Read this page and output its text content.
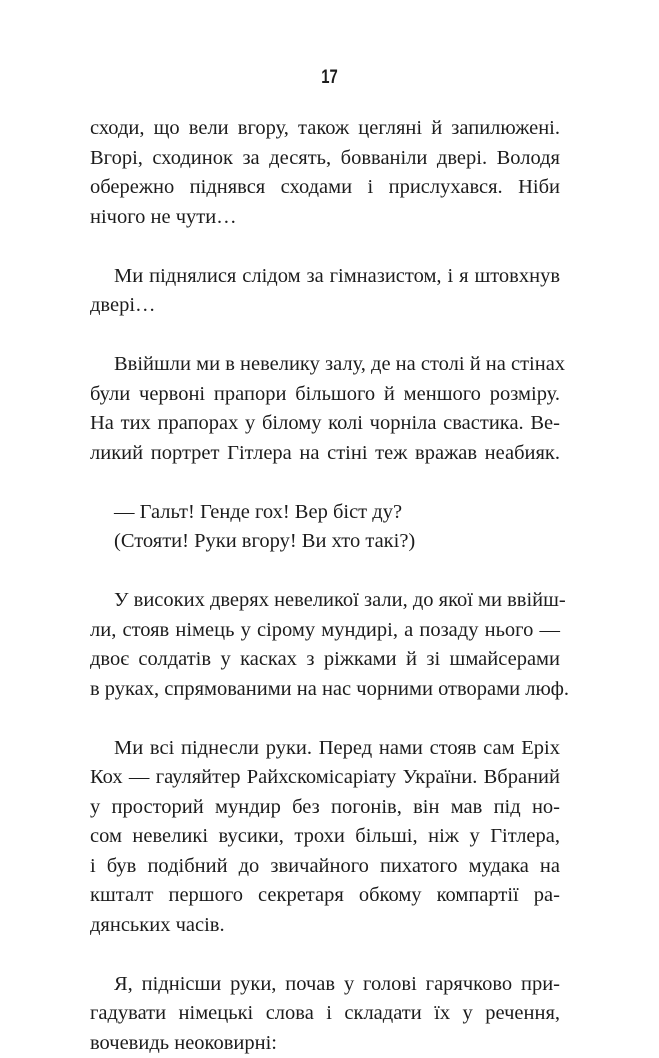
17
сходи, що вели вгору, також цегляні й запилюжені.
Вгорі, сходинок за десять, бовваніли двері. Володя
обережно піднявся сходами і прислухався. Ніби
нічого не чути…
Ми піднялися слідом за гімназистом, і я штовхнув
двері…
Ввійшли ми в невелику залу, де на столі й на стінах
були червоні прапори більшого й меншого розміру.
На тих прапорах у білому колі чорніла свастика. Ве-
ликий портрет Гітлера на стіні теж вражав неабияк.
— Гальт! Генде гох! Вер біст ду?
(Стояти! Руки вгору! Ви хто такі?)
У високих дверях невеликої зали, до якої ми ввійш-
ли, стояв німець у сірому мундирі, а позаду нього —
двоє солдатів у касках з ріжками й зі шмайсерами
в руках, спрямованими на нас чорними отворами люф.
Ми всі піднесли руки. Перед нами стояв сам Еріх
Кох — гауляйтер Райхскомісаріату України. Вбраний
у просторий мундир без погонів, він мав під но-
сом невеликі вусики, трохи більші, ніж у Гітлера,
і був подібний до звичайного пихатого мудака на
кшталт першого секретаря обкому компартії ра-
дянських часів.
Я, піднісши руки, почав у голові гарячково при-
гадувати німецькі слова і складати їх у речення,
вочевидь неоковирні:
